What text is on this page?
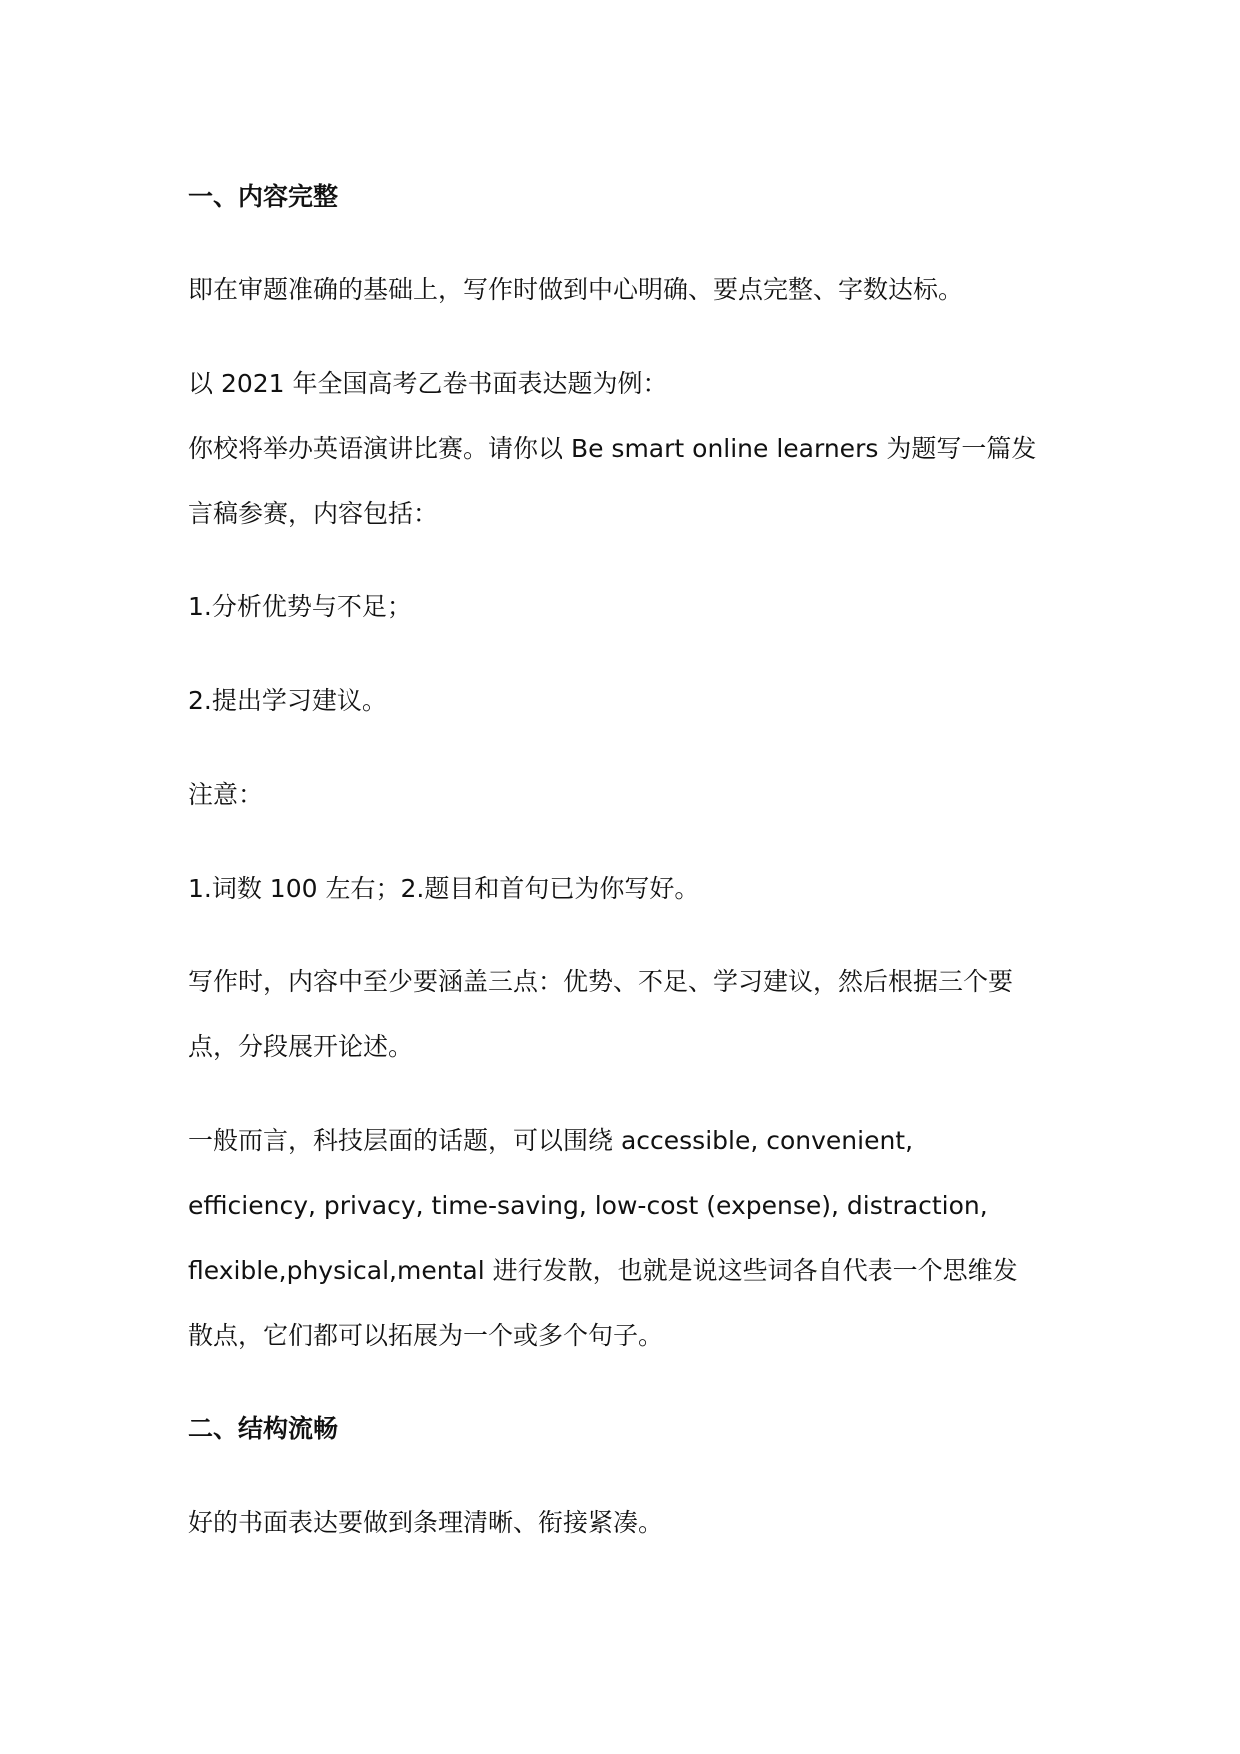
一、内容完整

即在审题准确的基础上，写作时做到中心明确、要点完整、字数达标。

以 2021 年全国高考乙卷书面表达题为例：

你校将举办英语演讲比赛。请你以 Be smart online learners 为题写一篇发

言稿参赛，内容包括：

1.分析优势与不足；

2.提出学习建议。

注意：

1.词数 100 左右；2.题目和首句已为你写好。

写作时，内容中至少要涵盖三点：优势、不足、学习建议，然后根据三个要

点，分段展开论述。

一般而言，科技层面的话题，可以围绕 accessible, convenient,

efficiency, privacy, time-saving, low-cost (expense), distraction,

flexible,physical,mental 进行发散，也就是说这些词各自代表一个思维发

散点，它们都可以拓展为一个或多个句子。

二、结构流畅

好的书面表达要做到条理清晰、衔接紧凑。
